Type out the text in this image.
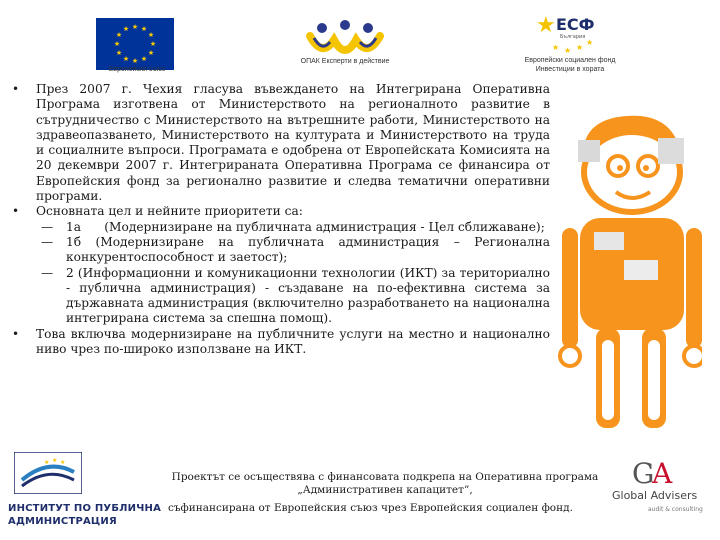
★ ★
★
★
★
★
★
★
★
★
★
★
Европейски съюз
ОПАК Експерти в действие
★ ЕСФ
България
★ ★ ★
★
Европейски социален фонд
Инвестиции в хората
• През 2007 г. Чехия гласува въвеждането на Интегрирана Оперативна Програма изготвена от Министерството на регионалното развитие в сътрудничество с Министерството на вътрешните работи, Министерството на здравеопазването, Министерството на културата и Министерството на труда и социалните въпроси. Програмата е одобрена от Европейската Комисията на 20 декември 2007 г. Интегрираната Оперативна Програма се финансира от Европейския фонд за регионално развитие и следва тематични оперативни програми.
• Основната цел и нейните приоритети са:
— 1а      (Модернизиране на публичната администрация - Цел сближаване);
— 1б (Модернизиране на публичната администрация – Регионална конкурентоспособност и заетост);
— 2 (Информационни и комуникационни технологии (ИКТ) за териториално - публична администрация) - създаване на по-ефективна система за държавната администрация (включително разработването на национална интегрирана система за спешна помощ).
• Това включва модернизиране на публичните услуги на местно и национално ниво чрез по-широко използване на ИКТ.
★ ★ ★
ИНСТИТУТ ПО ПУБЛИЧНА АДМИНИСТРАЦИЯ
Проектът се осъществява с финансовата подкрепа на Оперативна програма
„Административен капацитет”,
съфинансирана от Европейския съюз чрез Европейския социален фонд.
G
A
Global Advisers
audit & consulting
